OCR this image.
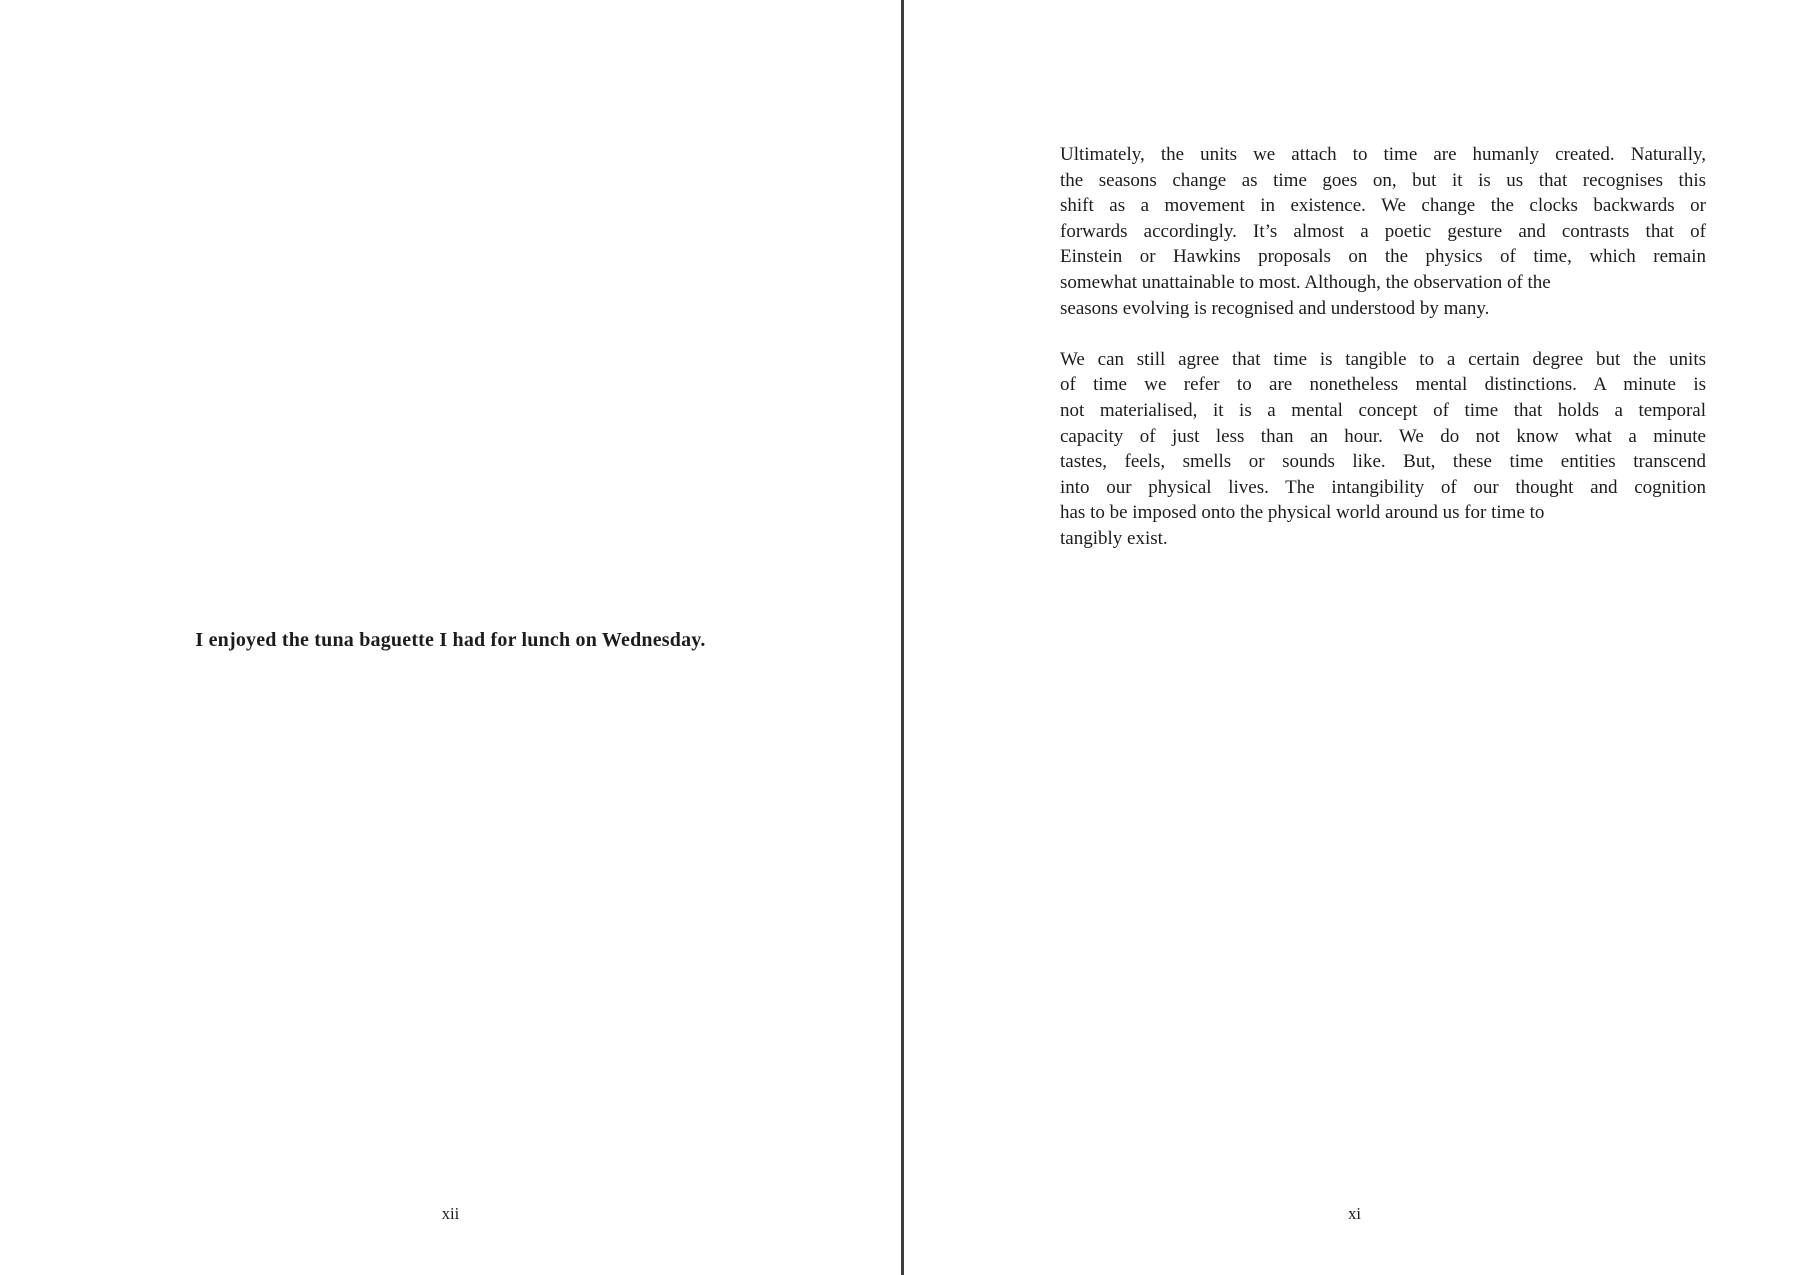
I enjoyed the tuna baguette I had for lunch on Wednesday.

xii
Ultimately, the units we attach to time are humanly created. Naturally,
the seasons change as time goes on, but it is us that recognises this
shift as a movement in existence. We change the clocks backwards or
forwards accordingly. It’s almost a poetic gesture and contrasts that of
Einstein or Hawkins proposals on the physics of time, which remain
somewhat unattainable to most. Although, the observation of the
seasons evolving is recognised and understood by many.
We can still agree that time is tangible to a certain degree but the units
of time we refer to are nonetheless mental distinctions. A minute is
not materialised, it is a mental concept of time that holds a temporal
capacity of just less than an hour. We do not know what a minute
tastes, feels, smells or sounds like. But, these time entities transcend
into our physical lives. The intangibility of our thought and cognition
has to be imposed onto the physical world around us for time to
tangibly exist.
xi
